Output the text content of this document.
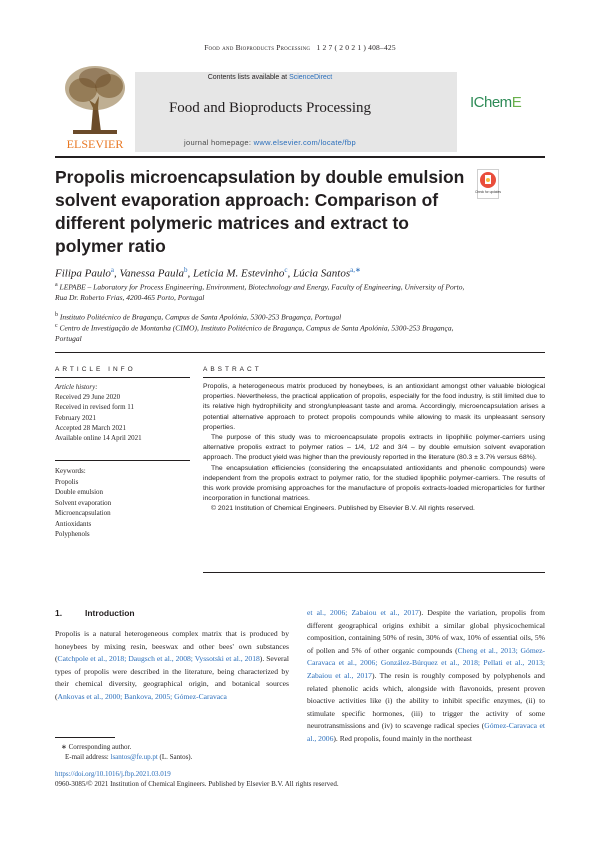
Food and Bioproducts Processing 1 2 7 ( 2 0 2 1 ) 408–425
ELSEVIER
Contents lists available at ScienceDirect
Food and Bioproducts Processing
journal homepage: www.elsevier.com/locate/fbp
IChemE
Propolis microencapsulation by double emulsion solvent evaporation approach: Comparison of different polymeric matrices and extract to polymer ratio
Check for updates
Filipa Paulo$^a$, Vanessa Paula$^b$, Leticia M. Estevinho$^c$, Lúcia Santos$^{a,∗}$
$^a$ LEPABE – Laboratory for Process Engineering, Environment, Biotechnology and Energy, Faculty of Engineering, University of Porto, Rua Dr. Roberto Frias, 4200-465 Porto, Portugal
$^b$ Instituto Politécnico de Bragança, Campus de Santa Apolónia, 5300-253 Bragança, Portugal
$^c$ Centro de Investigação de Montanha (CIMO), Instituto Politécnico de Bragança, Campus de Santa Apolónia, 5300-253 Bragança, Portugal
ARTICLE INFO	ABSTRACT
Article history:
Received 29 June 2020
Received in revised form 11
February 2021
Accepted 28 March 2021
Available online 14 April 2021
Keywords:
Propolis
Double emulsion
Solvent evaporation
Microencapsulation
Antioxidants
Polyphenols

Propolis, a heterogeneous matrix produced by honeybees, is an antioxidant amongst other valuable biological properties. Nevertheless, the practical application of propolis, especially for the food industry, is still limited due to its relative high hydrophilicity and strong/unpleasant taste and aroma. Accordingly, microencapsulation arises a potential alternative approach to protect propolis compounds while allowing to mask its unpleasant sensory properties.

The purpose of this study was to microencapsulate propolis extracts in lipophilic polymer-carriers using alternative propolis extract to polymer ratios – 1/4, 1/2 and 3/4 – by double emulsion solvent evaporation approach. The product yield was higher than the previously reported in the literature (80.3 ± 3.7% versus 68%).

The encapsulation efficiencies (considering the encapsulated antioxidants and phenolic compounds) were independent from the propolis extract to polymer ratio, for the studied lipophilic polymer-carriers. The results of this work provide promising approaches for the manufacture of propolis extracts-loaded microparticles for further incorporation in functional matrices.

© 2021 Institution of Chemical Engineers. Published by Elsevier B.V. All rights reserved.

1.	Introduction

Propolis is a natural heterogeneous complex matrix that is produced by honeybees by mixing resin, beeswax and other bees' own substances (Catchpole et al., 2018; Daugsch et al., 2008; Vyssotski et al., 2018). Several types of propolis were described in the literature, being characterized by their chemical diversity, geographical origin, and botanical sources (Ankovas et al., 2000; Bankova, 2005; Gómez-Caravaca

et al., 2006; Zabaiou et al., 2017). Despite the variation, propolis from different geographical origins exhibit a similar global physicochemical composition, containing 50% of resin, 30% of wax, 10% of essential oils, 5% of pollen and 5% of other organic compounds (Cheng et al., 2013; Gómez-Caravaca et al., 2006; González-Búrquez et al., 2018; Pellati et al., 2013; Zabaiou et al., 2017). The resin is roughly composed by polyphenols and related phenolic acids which, alongside with flavonoids, present proven bioactive activities like (i) the ability to inhibit specific enzymes, (ii) to stimulate specific hormones, (iii) to trigger the activity of some neurotransmissions and (iv) to scavenge radical species (Gómez-Caravaca et al., 2006). Red propolis, found mainly in the northeast

∗ Corresponding author.
E-mail address: lsantos@fe.up.pt (L. Santos).
https://doi.org/10.1016/j.fbp.2021.03.019
0960-3085/© 2021 Institution of Chemical Engineers. Published by Elsevier B.V. All rights reserved.
